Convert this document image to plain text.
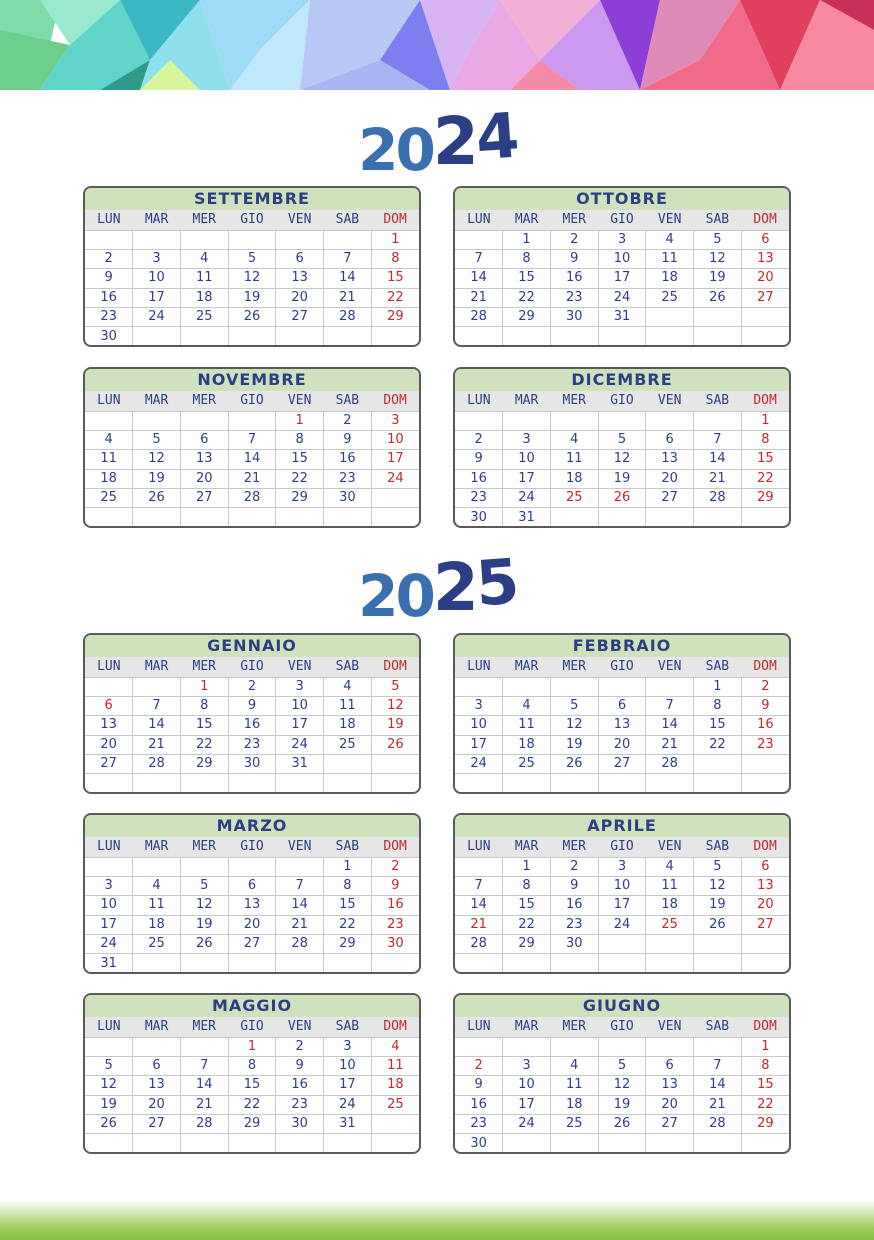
2024
2025
SETTEMBRE
LUN	MAR	MER	GIO	VEN	SAB	DOM
						1
2	3	4	5	6	7	8
9	10	11	12	13	14	15
16	17	18	19	20	21	22
23	24	25	26	27	28	29
30						
OTTOBRE
LUN	MAR	MER	GIO	VEN	SAB	DOM
	1	2	3	4	5	6
7	8	9	10	11	12	13
14	15	16	17	18	19	20
21	22	23	24	25	26	27
28	29	30	31			

NOVEMBRE
LUN	MAR	MER	GIO	VEN	SAB	DOM
				1	2	3
4	5	6	7	8	9	10
11	12	13	14	15	16	17
18	19	20	21	22	23	24
25	26	27	28	29	30	

DICEMBRE
LUN	MAR	MER	GIO	VEN	SAB	DOM
						1
2	3	4	5	6	7	8
9	10	11	12	13	14	15
16	17	18	19	20	21	22
23	24	25	26	27	28	29
30	31					
GENNAIO
LUN	MAR	MER	GIO	VEN	SAB	DOM
		1	2	3	4	5
6	7	8	9	10	11	12
13	14	15	16	17	18	19
20	21	22	23	24	25	26
27	28	29	30	31		

FEBBRAIO
LUN	MAR	MER	GIO	VEN	SAB	DOM
					1	2
3	4	5	6	7	8	9
10	11	12	13	14	15	16
17	18	19	20	21	22	23
24	25	26	27	28		

MARZO
LUN	MAR	MER	GIO	VEN	SAB	DOM
					1	2
3	4	5	6	7	8	9
10	11	12	13	14	15	16
17	18	19	20	21	22	23
24	25	26	27	28	29	30
31						
APRILE
LUN	MAR	MER	GIO	VEN	SAB	DOM
	1	2	3	4	5	6
7	8	9	10	11	12	13
14	15	16	17	18	19	20
21	22	23	24	25	26	27
28	29	30				

MAGGIO
LUN	MAR	MER	GIO	VEN	SAB	DOM
			1	2	3	4
5	6	7	8	9	10	11
12	13	14	15	16	17	18
19	20	21	22	23	24	25
26	27	28	29	30	31	

GIUGNO
LUN	MAR	MER	GIO	VEN	SAB	DOM
						1
2	3	4	5	6	7	8
9	10	11	12	13	14	15
16	17	18	19	20	21	22
23	24	25	26	27	28	29
30						
